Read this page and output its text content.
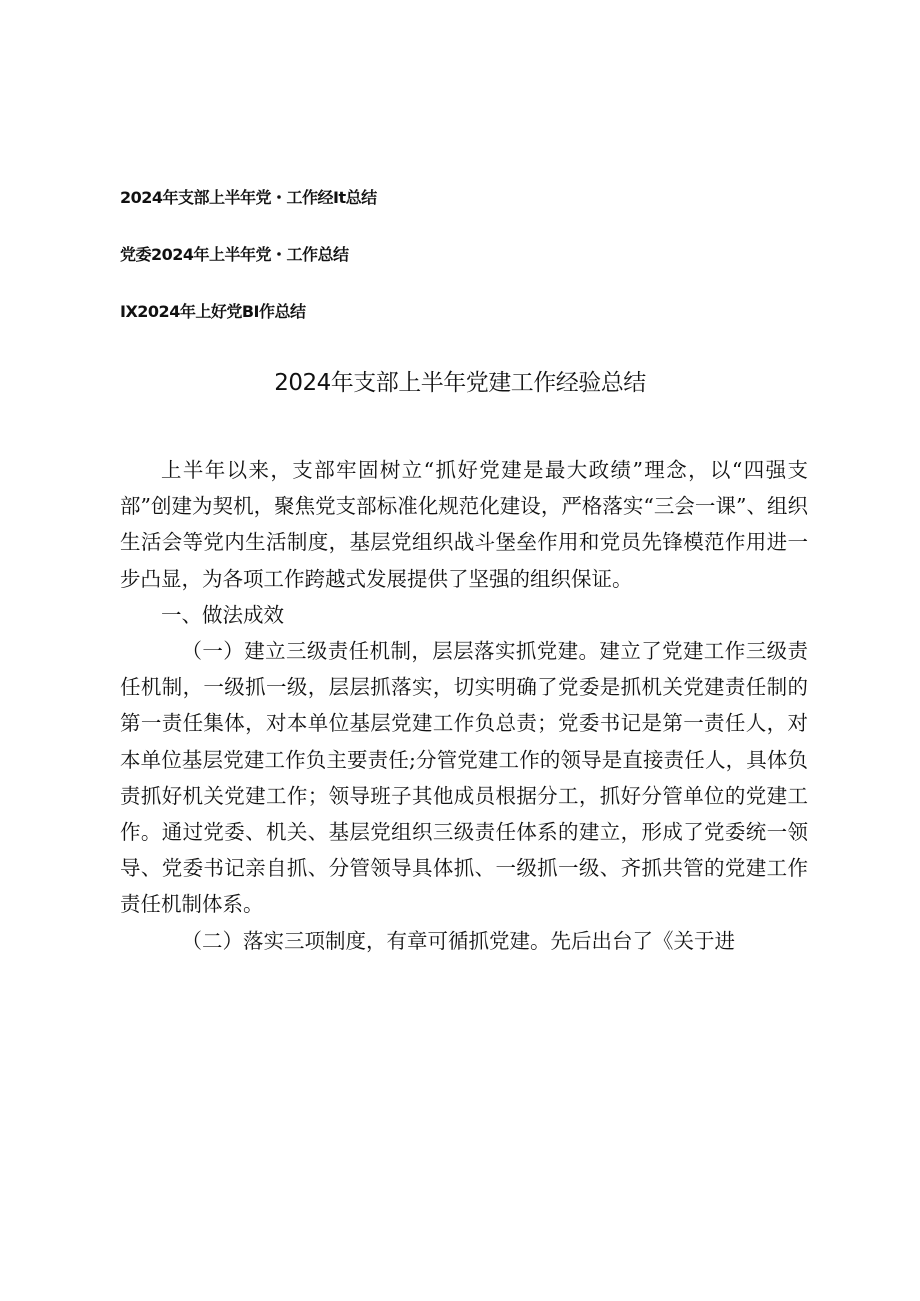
2024年支部上半年党・工作经It总结
党委2024年上半年党・工作总结
IX2024年上好党BI作总结
2024年支部上半年党建工作经验总结

上半年以来，支部牢固树立“抓好党建是最大政绩”理念，以“四强支部”创建为契机，聚焦党支部标准化规范化建设，严格落实“三会一课”、组织生活会等党内生活制度，基层党组织战斗堡垒作用和党员先锋模范作用进一步凸显，为各项工作跨越式发展提供了坚强的组织保证。

一、做法成效

（一）建立三级责任机制，层层落实抓党建。建立了党建工作三级责任机制，一级抓一级，层层抓落实，切实明确了党委是抓机关党建责任制的第一责任集体，对本单位基层党建工作负总责；党委书记是第一责任人，对本单位基层党建工作负主要责任;分管党建工作的领导是直接责任人，具体负责抓好机关党建工作；领导班子其他成员根据分工，抓好分管单位的党建工作。通过党委、机关、基层党组织三级责任体系的建立，形成了党委统一领导、党委书记亲自抓、分管领导具体抓、一级抓一级、齐抓共管的党建工作责任机制体系。

（二）落实三项制度，有章可循抓党建。先后出台了《关于进
